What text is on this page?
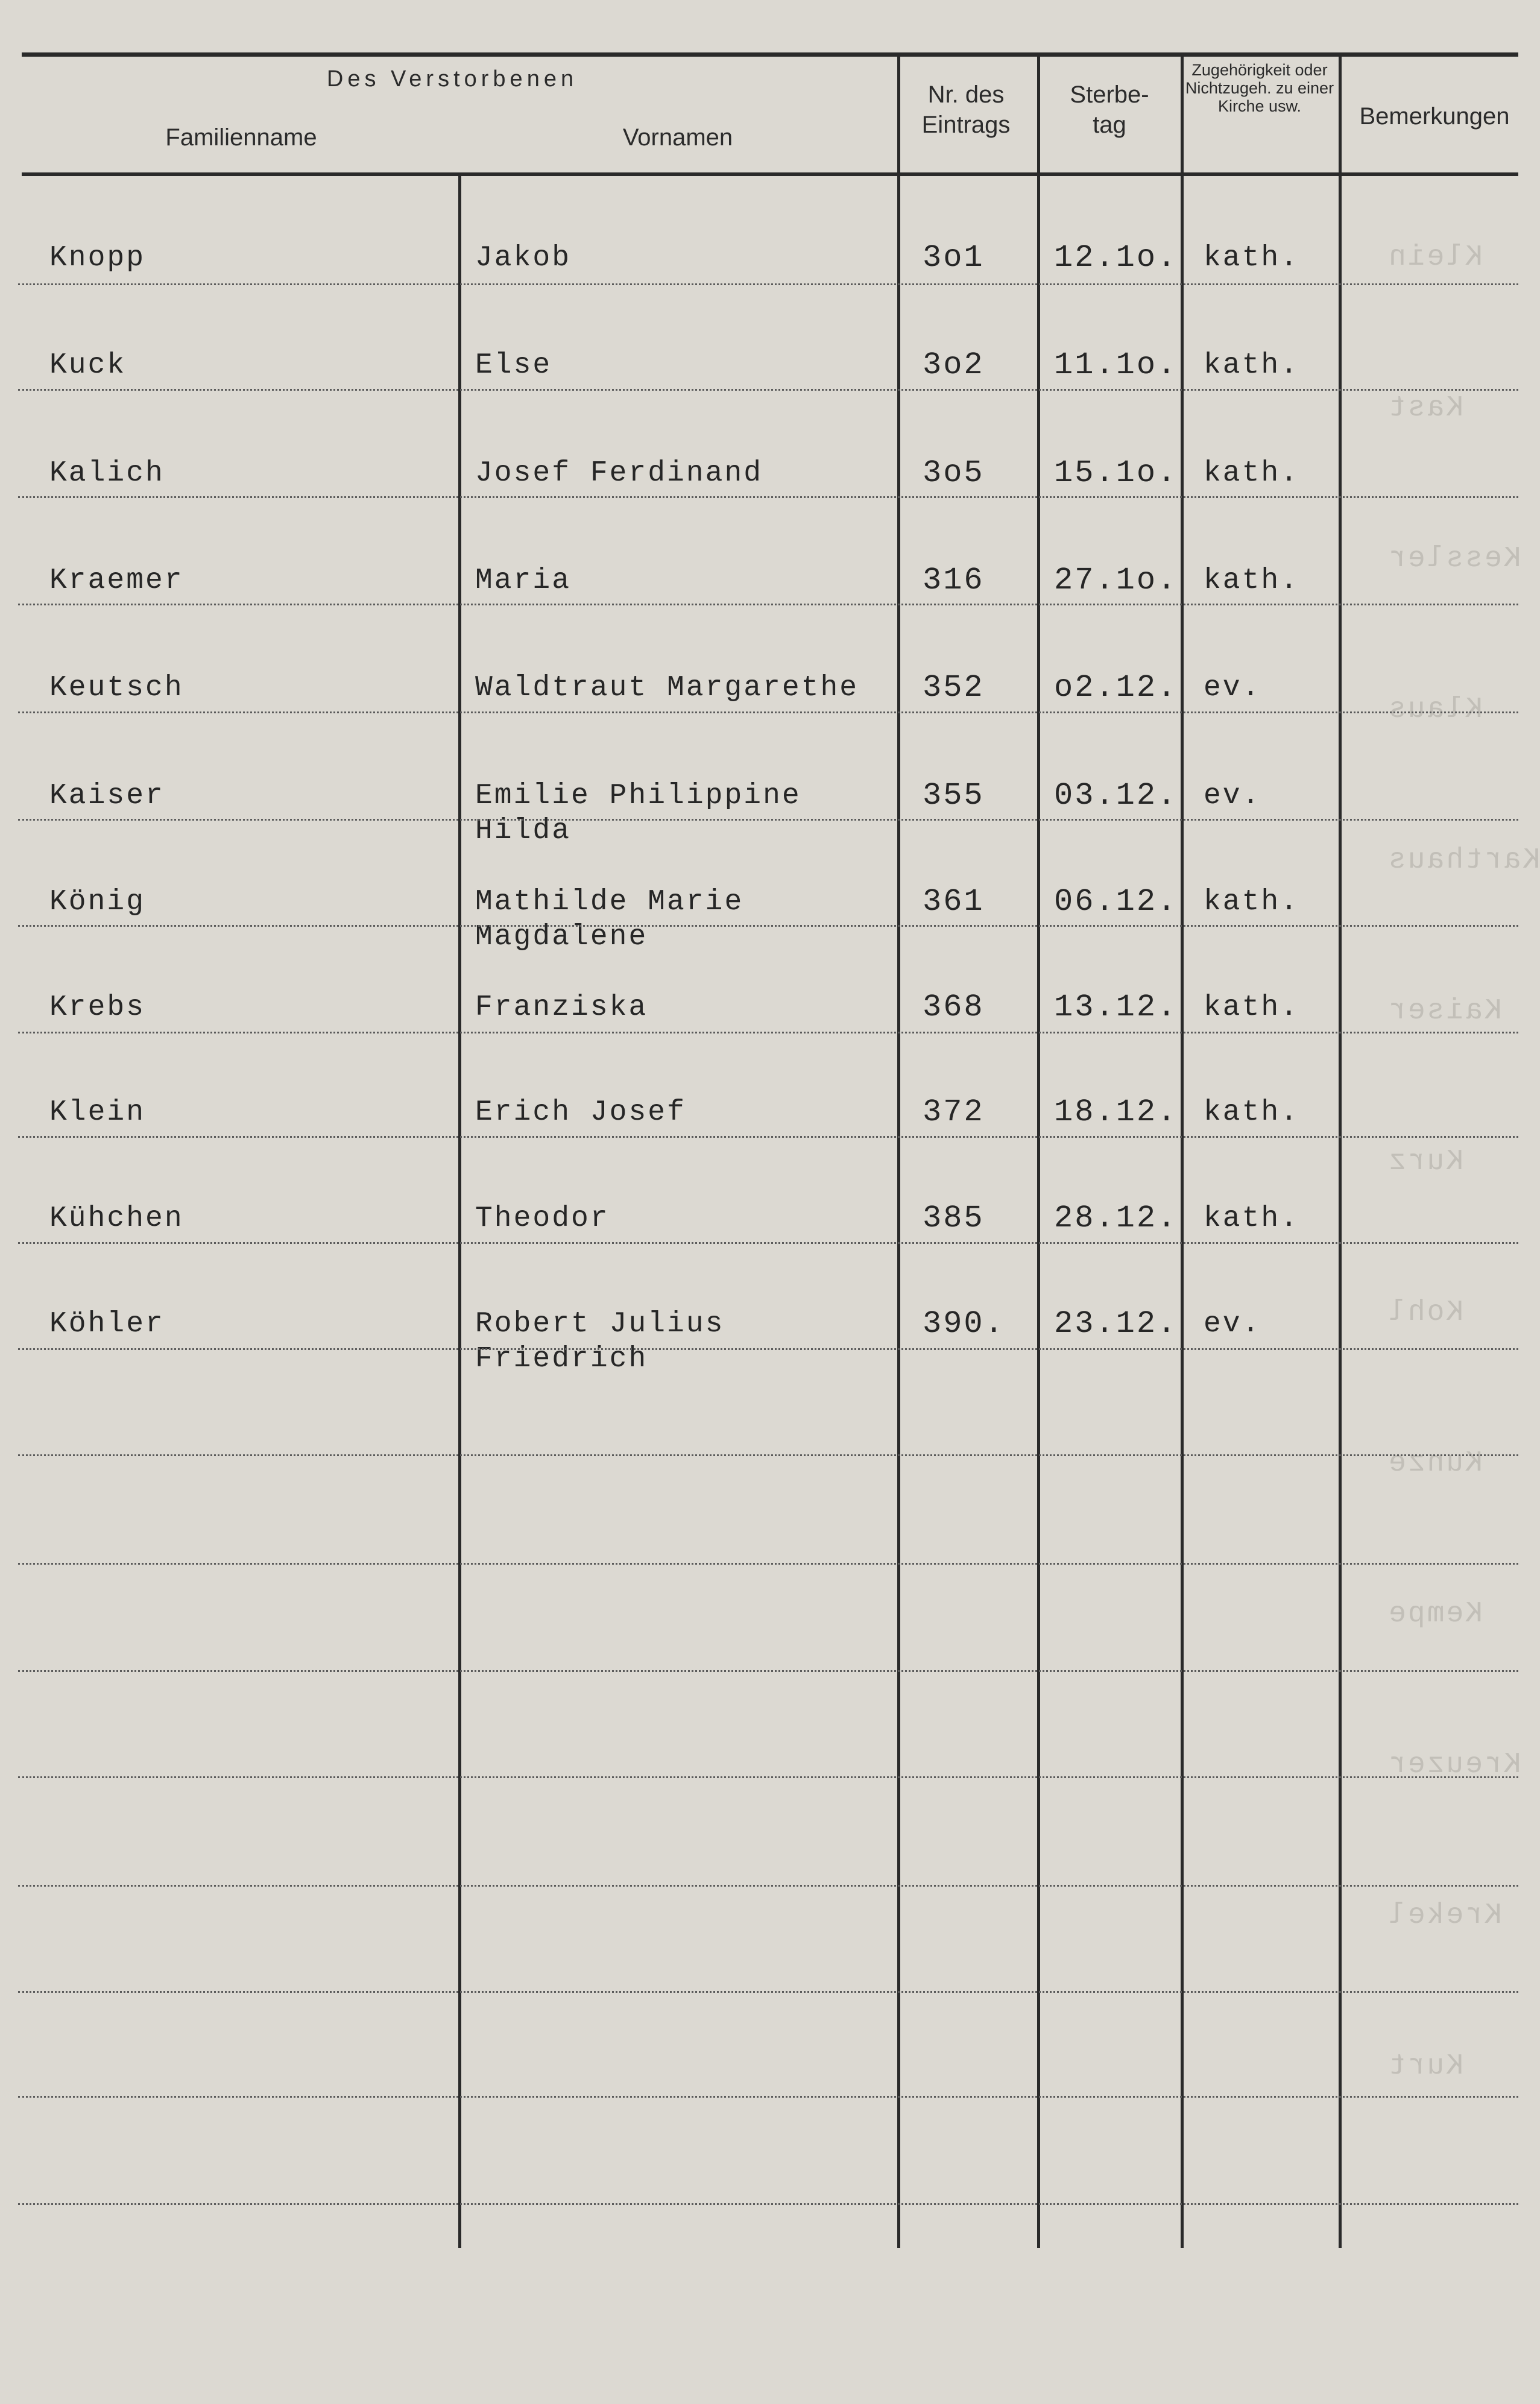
Klein
Kast
Kessler
Klaus
Karthaus
Kaiser
Kurz
Kohl
Kunze
Kempe
Kreuzer
Krekel
Kurt
Des Verstorbenen
Familienname	Vornamen
Nr. des Eintrags
Sterbe-tag
Zugehörigkeit oder Nichtzugeh. zu einer Kirche usw.	Bemerkungen
Knopp	Jakob	3o1 12.1o. kath.
Kuck	Else	3o2 11.1o. kath.
Kalich	Josef Ferdinand	3o5 15.1o. kath.
Kraemer	Maria	316 27.1o. kath.
Keutsch	Waldtraut Margarethe 352 o2.12. ev.
Kaiser	Emilie Philippine	355 03.12. ev.
Hilda
König	Mathilde Marie	361 06.12. kath.
Magdalene
Krebs	Franziska	368 13.12. kath.
Klein	Erich Josef	372 18.12. kath.
Kühchen	Theodor	385 28.12. kath.
Köhler	Robert Julius	390. 23.12. ev.
Friedrich
